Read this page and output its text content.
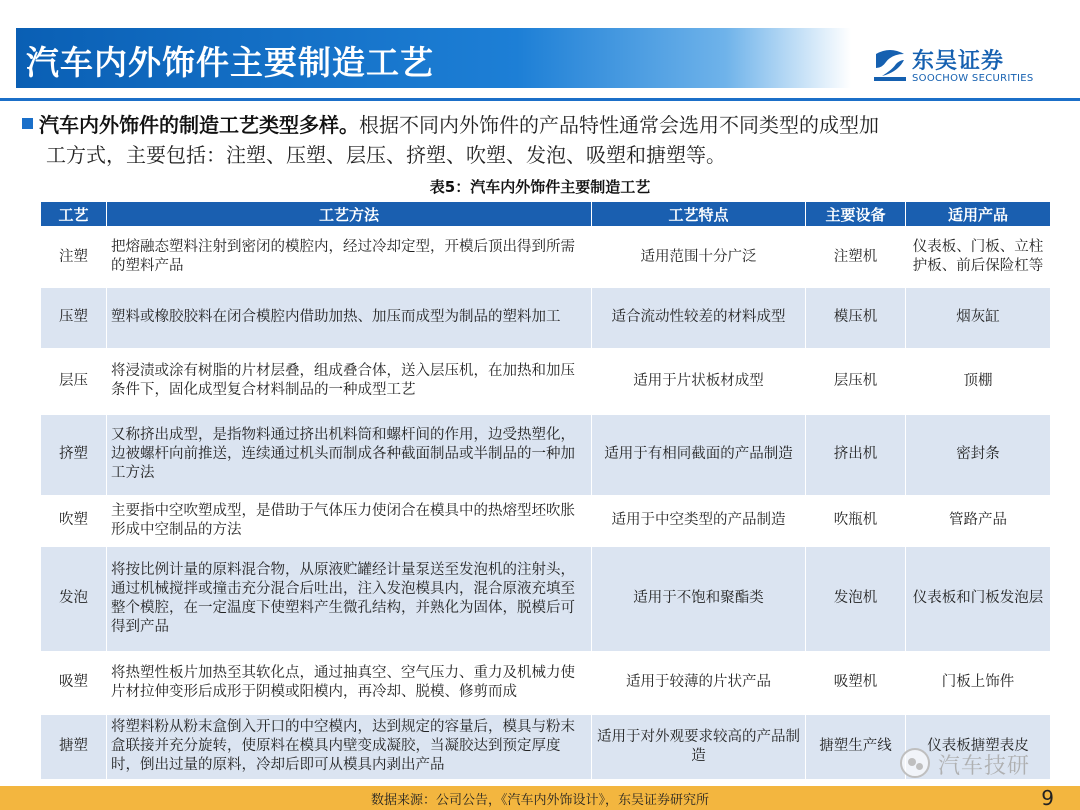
汽车内外饰件主要制造工艺	东吴证券
SOOCHOW SECURITIES
汽车内外饰件的制造工艺类型多样。根据不同内外饰件的产品特性通常会选用不同类型的成型加
工方式，主要包括：注塑、压塑、层压、挤塑、吹塑、发泡、吸塑和搪塑等。
表5：汽车内外饰件主要制造工艺
工艺	工艺方法	工艺特点	主要设备	适用产品
注塑	把熔融态塑料注射到密闭的模腔内，经过冷却定型，开模后顶出得到所需的塑料产品	适用范围十分广泛	注塑机	仪表板、门板、立柱护板、前后保险杠等
压塑	塑料或橡胶胶料在闭合模腔内借助加热、加压而成型为制品的塑料加工	适合流动性较差的材料成型	模压机	烟灰缸
层压	将浸渍或涂有树脂的片材层叠，组成叠合体，送入层压机，在加热和加压条件下，固化成型复合材料制品的一种成型工艺	适用于片状板材成型	层压机	顶棚
挤塑	又称挤出成型，是指物料通过挤出机料筒和螺杆间的作用，边受热塑化，边被螺杆向前推送，连续通过机头而制成各种截面制品或半制品的一种加工方法	适用于有相同截面的产品制造	挤出机	密封条
吹塑	主要指中空吹塑成型，是借助于气体压力使闭合在模具中的热熔型坯吹胀形成中空制品的方法	适用于中空类型的产品制造	吹瓶机	管路产品
发泡	将按比例计量的原料混合物，从原液贮罐经计量泵送至发泡机的注射头，通过机械搅拌或撞击充分混合后吐出，注入发泡模具内，混合原液充填至整个模腔，在一定温度下使塑料产生微孔结构，并熟化为固体，脱模后可得到产品	适用于不饱和聚酯类	发泡机	仪表板和门板发泡层
吸塑	将热塑性板片加热至其软化点，通过抽真空、空气压力、重力及机械力使片材拉伸变形后成形于阴模或阳模内，再冷却、脱模、修剪而成	适用于较薄的片状产品	吸塑机	门板上饰件
搪塑	将塑料粉从粉末盒倒入开口的中空模内，达到规定的容量后，模具与粉末盒联接并充分旋转，使原料在模具内壁变成凝胶，当凝胶达到预定厚度时，倒出过量的原料，冷却后即可从模具内剥出产品	适用于对外观要求较高的产品制造	搪塑生产线	仪表板搪塑表皮
汽车技研
数据来源：公司公告，《汽车内外饰设计》，东吴证券研究所	9
